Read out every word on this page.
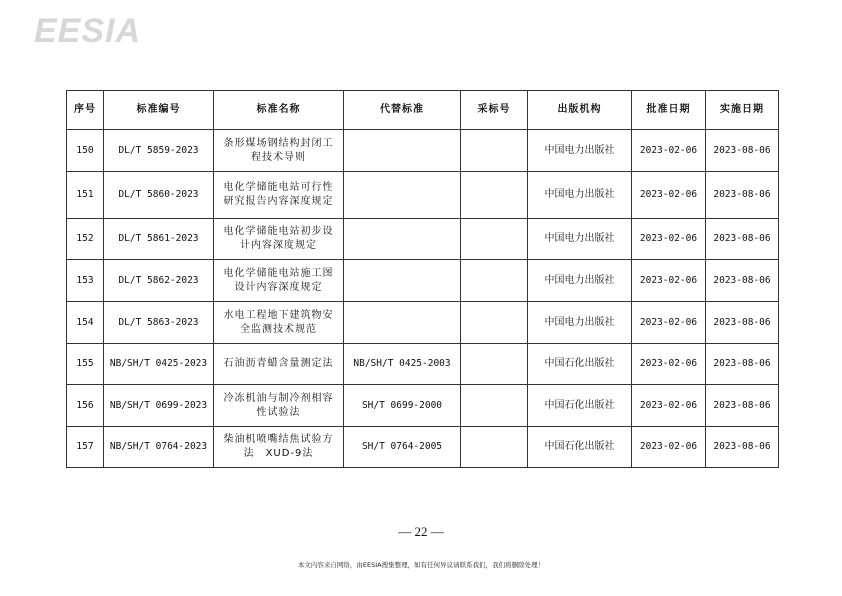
EESIA
序号	标准编号	标准名称	代替标准	采标号	出版机构	批准日期	实施日期
150	DL/T 5859-2023	条形煤场钢结构封闭工程技术导则			中国电力出版社	2023-02-06	2023-08-06
151	DL/T 5860-2023	电化学储能电站可行性研究报告内容深度规定			中国电力出版社	2023-02-06	2023-08-06
152	DL/T 5861-2023	电化学储能电站初步设计内容深度规定			中国电力出版社	2023-02-06	2023-08-06
153	DL/T 5862-2023	电化学储能电站施工图设计内容深度规定			中国电力出版社	2023-02-06	2023-08-06
154	DL/T 5863-2023	水电工程地下建筑物安全监测技术规范			中国电力出版社	2023-02-06	2023-08-06
155	NB/SH/T 0425-2023	石油沥青蜡含量测定法	NB/SH/T 0425-2003		中国石化出版社	2023-02-06	2023-08-06
156	NB/SH/T 0699-2023	冷冻机油与制冷剂相容性试验法	SH/T 0699-2000		中国石化出版社	2023-02-06	2023-08-06
157	NB/SH/T 0764-2023	柴油机喷嘴结焦试验方法　XUD-9法	SH/T 0764-2005		中国石化出版社	2023-02-06	2023-08-06
— 22 —
本文内容来自网络，由EESIA搜集整理，如有任何异议请联系我们，我们将删除处理！
